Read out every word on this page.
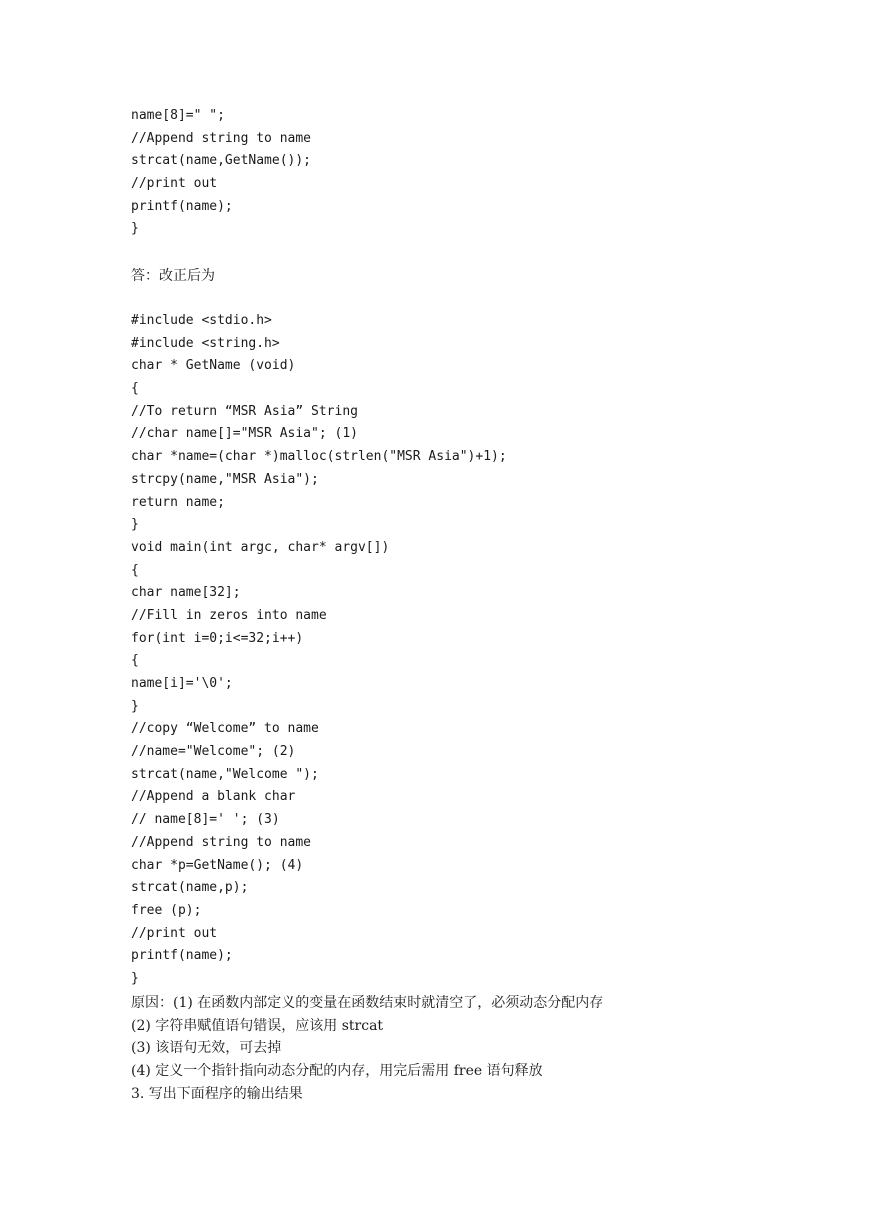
name[8]=" ";
//Append string to name
strcat(name,GetName());
//print out
printf(name);
}
答：改正后为
#include <stdio.h>
#include <string.h>
char * GetName (void)
{
//To return “MSR Asia” String
//char name[]="MSR Asia"; (1)
char *name=(char *)malloc(strlen("MSR Asia")+1);
strcpy(name,"MSR Asia");
return name;
}
void main(int argc, char* argv[])
{
char name[32];
//Fill in zeros into name
for(int i=0;i<=32;i++)
{
name[i]='\0';
}
//copy “Welcome” to name
//name="Welcome"; (2)
strcat(name,"Welcome ");
//Append a blank char
// name[8]=' '; (3)
//Append string to name
char *p=GetName(); (4)
strcat(name,p);
free (p);
//print out
printf(name);
}
原因：(1) 在函数内部定义的变量在函数结束时就清空了，必须动态分配内存
(2) 字符串赋值语句错误，应该用 strcat
(3) 该语句无效，可去掉
(4) 定义一个指针指向动态分配的内存，用完后需用 free 语句释放
3. 写出下面程序的输出结果
